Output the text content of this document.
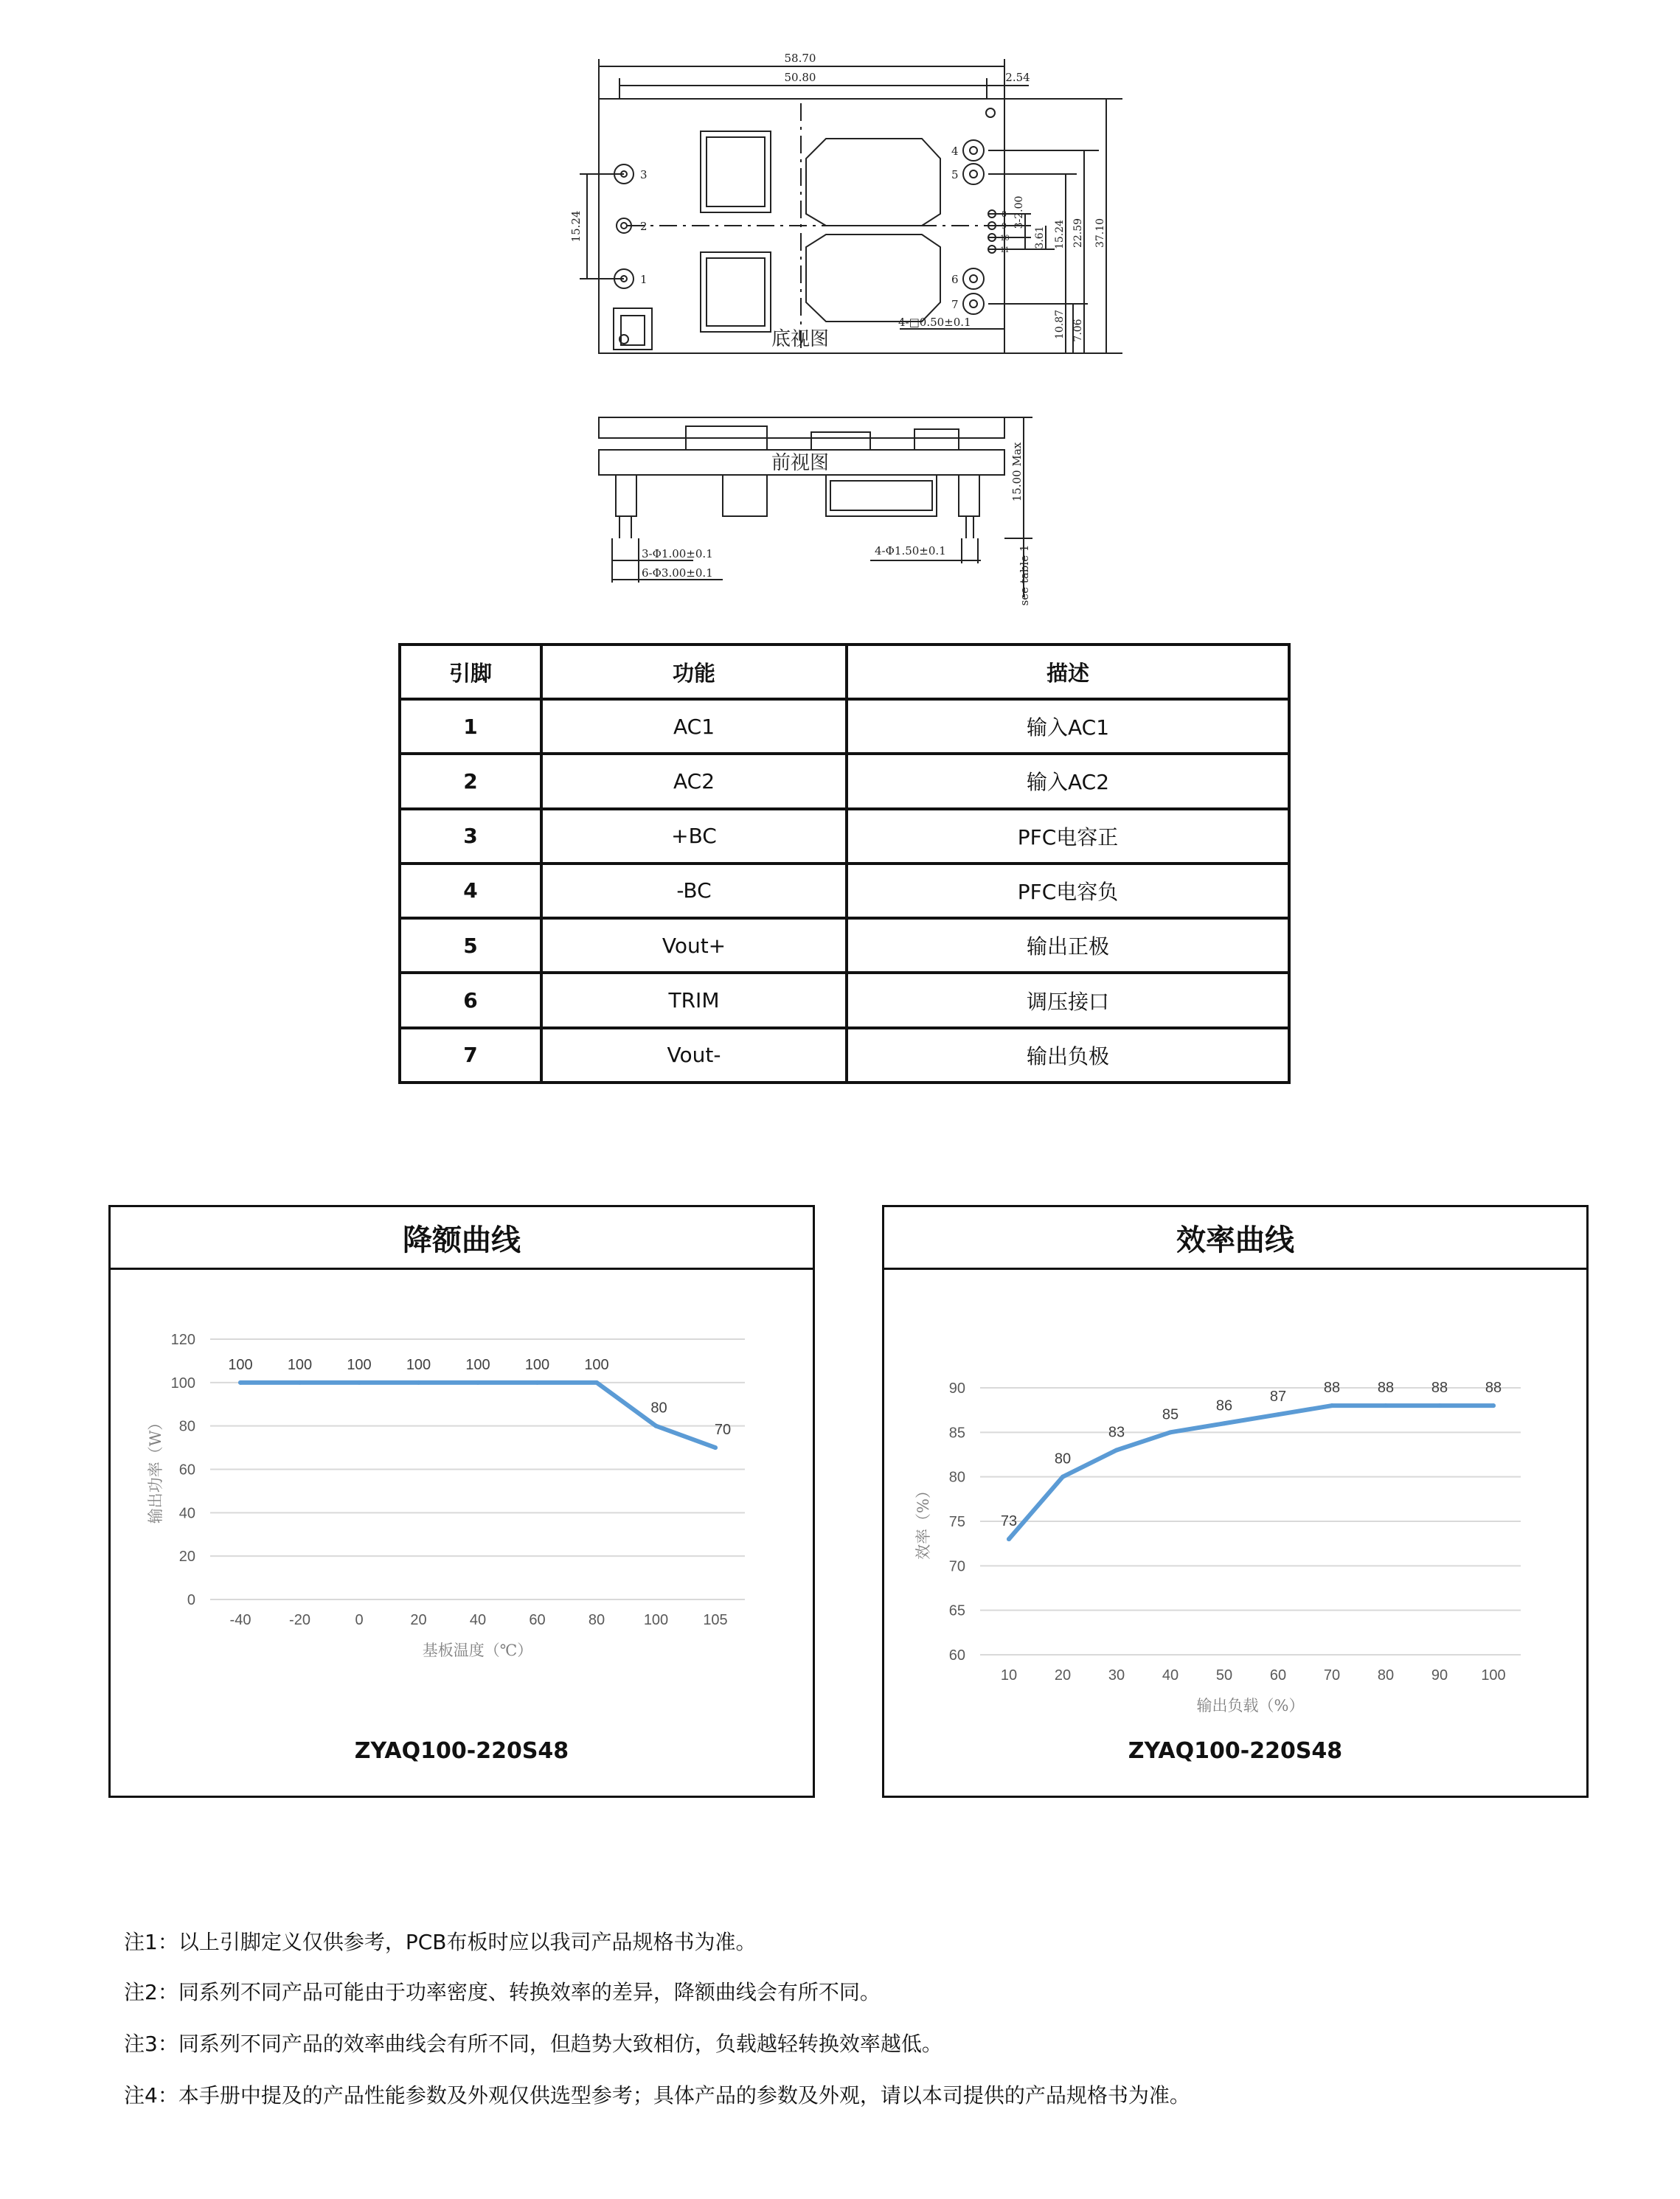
58.70
50.80	2.54
15.24
3
2
1
4
5
6
7
8
9
10
11
3-2.00
3.61 15.24 22.59 37.10
10.87 7.06
4-□0.50±0.1
底视图
前视图	15.00 Max
3-Φ1.00±0.1
6-Φ3.00±0.1
4-Φ1.50±0.1	see table 1
引脚	功能	描述
1	AC1	输入AC1
2	AC2	输入AC2
3	+BC	PFC电容正
4	-BC	PFC电容负
5	Vout+	输出正极
6	TRIM	调压接口
7	Vout-	输出负极
降额曲线
0
20
40
60
80
100
120
-40	-20	0	20	40	60	80	100 105
100 100 100 100 100 100 100
80
70
基板温度（℃）
输出功率（W）
ZYAQ100-220S48
效率曲线
60
65
70
75
80
85
90
10	20	30	40	50	60	70	80	90 100
73
80
83
85
86
87
88	88	88	88
输出负载（%）
效率（%）
ZYAQ100-220S48
注1：以上引脚定义仅供参考，PCB布板时应以我司产品规格书为准。
注2：同系列不同产品可能由于功率密度、转换效率的差异，降额曲线会有所不同。
注3：同系列不同产品的效率曲线会有所不同，但趋势大致相仿，负载越轻转换效率越低。
注4：本手册中提及的产品性能参数及外观仅供选型参考；具体产品的参数及外观，请以本司提供的产品规格书为准。
